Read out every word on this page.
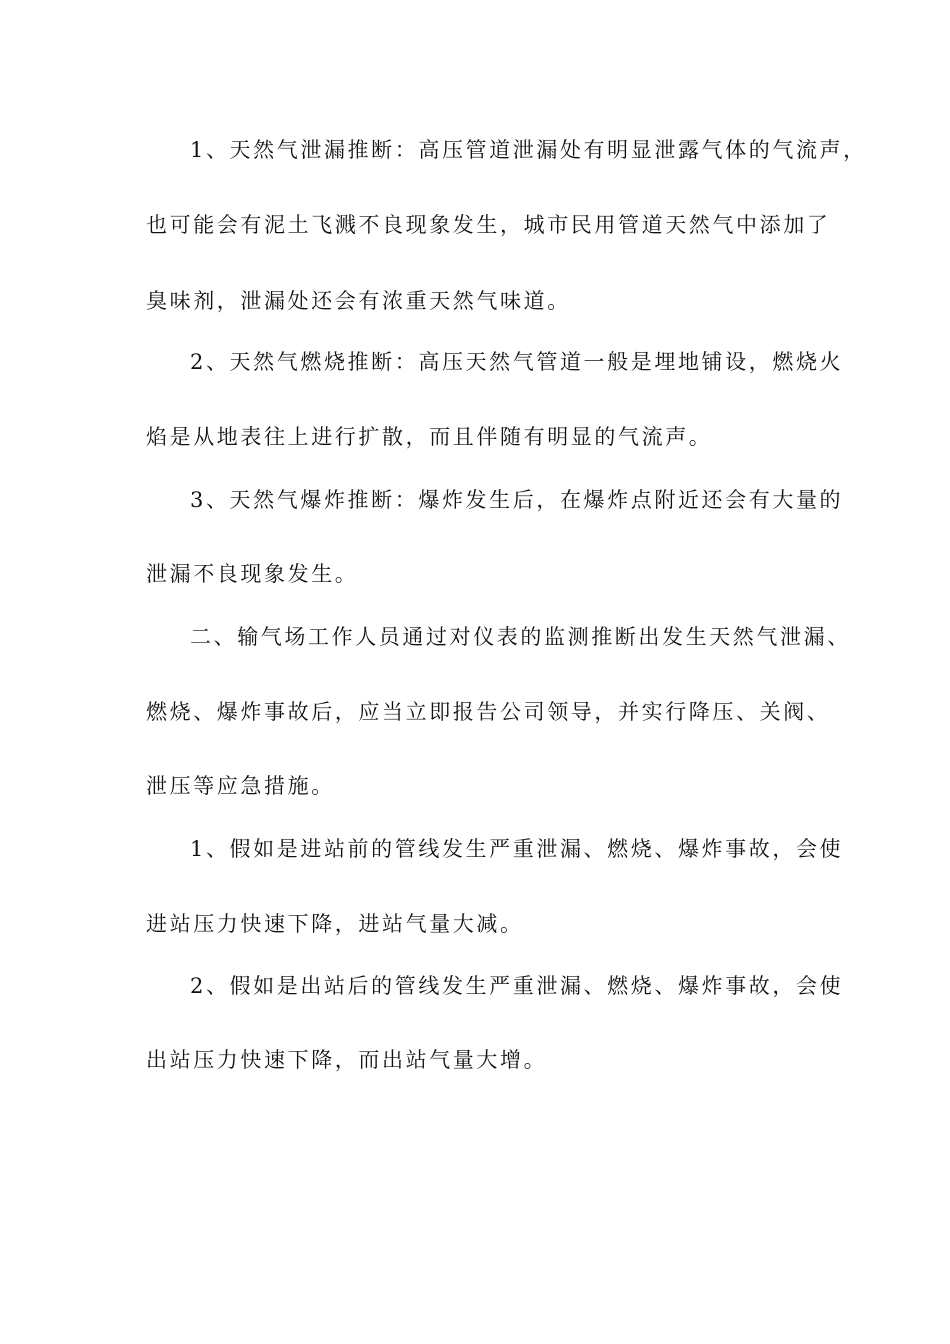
1、天然气泄漏推断：高压管道泄漏处有明显泄露气体的气流声，
也可能会有泥土飞溅不良现象发生，城市民用管道天然气中添加了
臭味剂，泄漏处还会有浓重天然气味道。
2、天然气燃烧推断：高压天然气管道一般是埋地铺设，燃烧火
焰是从地表往上进行扩散，而且伴随有明显的气流声。
3、天然气爆炸推断：爆炸发生后，在爆炸点附近还会有大量的
泄漏不良现象发生。
二、输气场工作人员通过对仪表的监测推断出发生天然气泄漏、
燃烧、爆炸事故后，应当立即报告公司领导，并实行降压、关阀、
泄压等应急措施。
1、假如是进站前的管线发生严重泄漏、燃烧、爆炸事故，会使
进站压力快速下降，进站气量大减。
2、假如是出站后的管线发生严重泄漏、燃烧、爆炸事故，会使
出站压力快速下降，而出站气量大增。
